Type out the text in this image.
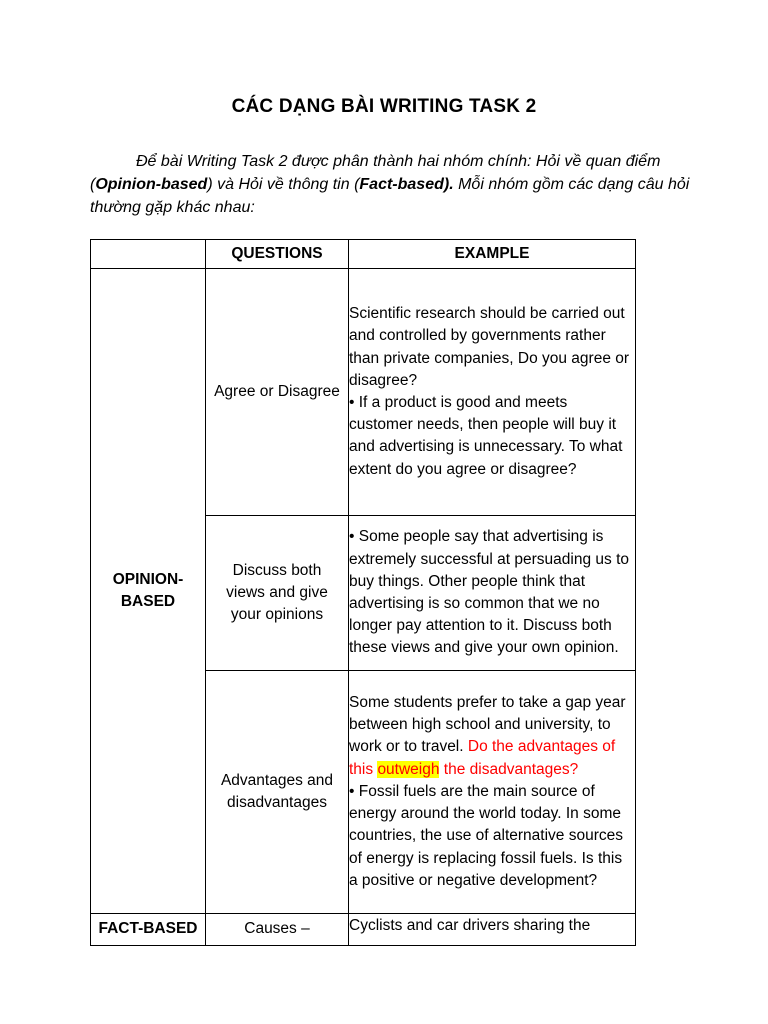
CÁC DẠNG BÀI WRITING TASK 2
Để bài Writing Task 2 được phân thành hai nhóm chính: Hỏi về quan điểm (Opinion-based) và Hỏi về thông tin (Fact-based). Mỗi nhóm gồm các dạng câu hỏi thường gặp khác nhau:
	QUESTIONS	EXAMPLE
OPINION-BASED	Agree or Disagree	Scientific research should be carried out and controlled by governments rather than private companies, Do you agree or disagree?

• If a product is good and meets customer needs, then people will buy it and advertising is unnecessary. To what extent do you agree or disagree?

	Discuss both views and give your opinions	• Some people say that advertising is extremely successful at persuading us to buy things. Other people think that advertising is so common that we no longer pay attention to it. Discuss both these views and give your own opinion.

	Advantages and disadvantages	Some students prefer to take a gap year between high school and university, to work or to travel. Do the advantages of this outweigh the disadvantages?

• Fossil fuels are the main source of energy around the world today. In some countries, the use of alternative sources of energy is replacing fossil fuels. Is this a positive or negative development?

FACT-BASED	Causes –	Cyclists and car drivers sharing the
